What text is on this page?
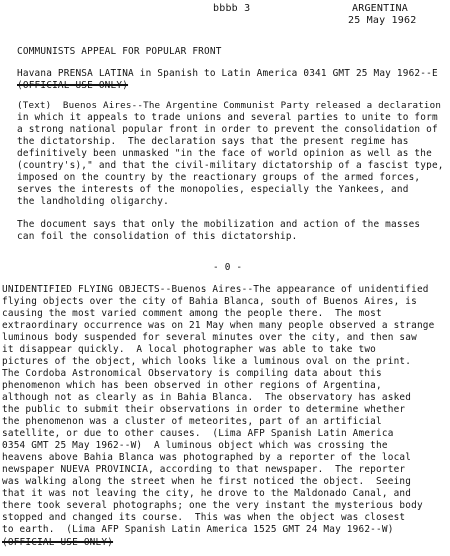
bbbb 3	ARGENTINA
25 May 1962
COMMUNISTS APPEAL FOR POPULAR FRONT
Havana PRENSA LATINA in Spanish to Latin America 0341 GMT 25 May 1962--E
(OFFICIAL USE ONLY)
(Text)  Buenos Aires--The Argentine Communist Party released a declaration
in which it appeals to trade unions and several parties to unite to form
a strong national popular front in order to prevent the consolidation of
the dictatorship.  The declaration says that the present regime has
definitively been unmasked "in the face of world opinion as well as the
(country's)," and that the civil-military dictatorship of a fascist type,
imposed on the country by the reactionary groups of the armed forces,
serves the interests of the monopolies, especially the Yankees, and
the landholding oligarchy.
The document says that only the mobilization and action of the masses
can foil the consolidation of this dictatorship.
- 0 -
UNIDENTIFIED FLYING OBJECTS--Buenos Aires--The appearance of unidentified
flying objects over the city of Bahia Blanca, south of Buenos Aires, is
causing the most varied comment among the people there.  The most
extraordinary occurrence was on 21 May when many people observed a strange
luminous body suspended for several minutes over the city, and then saw
it disappear quickly.  A local photographer was able to take two
pictures of the object, which looks like a luminous oval on the print.
The Cordoba Astronomical Observatory is compiling data about this
phenomenon which has been observed in other regions of Argentina,
although not as clearly as in Bahia Blanca.  The observatory has asked
the public to submit their observations in order to determine whether
the phenomenon was a cluster of meteorites, part of an artificial
satellite, or due to other causes.  (Lima AFP Spanish Latin America
0354 GMT 25 May 1962--W)  A luminous object which was crossing the
heavens above Bahia Blanca was photographed by a reporter of the local
newspaper NUEVA PROVINCIA, according to that newspaper.  The reporter
was walking along the street when he first noticed the object.  Seeing
that it was not leaving the city, he drove to the Maldonado Canal, and
there took several photographs; one the very instant the mysterious body
stopped and changed its course.  This was when the object was closest
to earth.  (Lima AFP Spanish Latin America 1525 GMT 24 May 1962--W)
(OFFICIAL USE ONLY)
